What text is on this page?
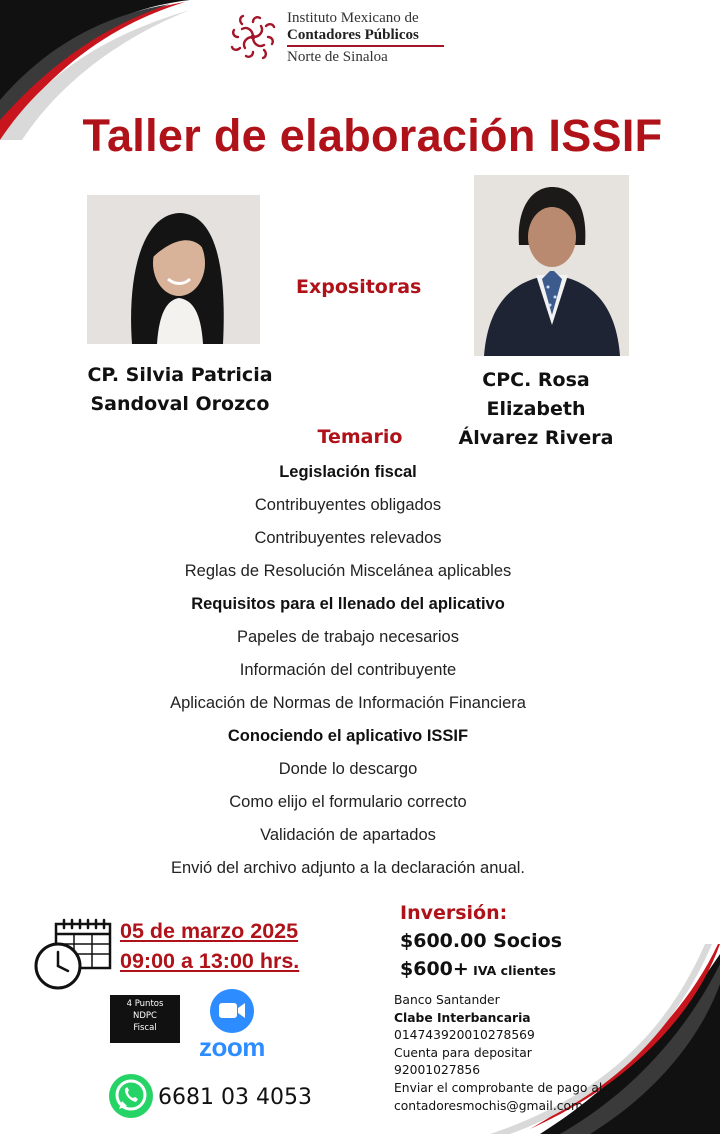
Instituto Mexicano de
Contadores Públicos
Norte de Sinaloa
Taller de elaboración ISSIF
Expositoras
CP. Silvia Patricia
Sandoval Orozco
CPC. Rosa Elizabeth
Álvarez Rivera
Temario
Legislación fiscal
Contribuyentes obligados
Contribuyentes relevados
Reglas de Resolución Miscelánea aplicables
Requisitos para el llenado del aplicativo
Papeles de trabajo necesarios
Información del contribuyente
Aplicación de Normas de Información Financiera
Conociendo el aplicativo ISSIF
Donde lo descargo
Como elijo el formulario correcto
Validación de apartados
Envió del archivo adjunto a la declaración anual.
05 de marzo 2025
09:00 a 13:00 hrs.
4 Puntos
NDPC
Fiscal
zoom
6681 03 4053
Inversión:
$600.00 Socios
$600+ IVA clientes
Banco Santander
Clabe Interbancaria
014743920010278569
Cuenta para depositar
92001027856
Enviar el comprobante de pago al
contadoresmochis@gmail.com
